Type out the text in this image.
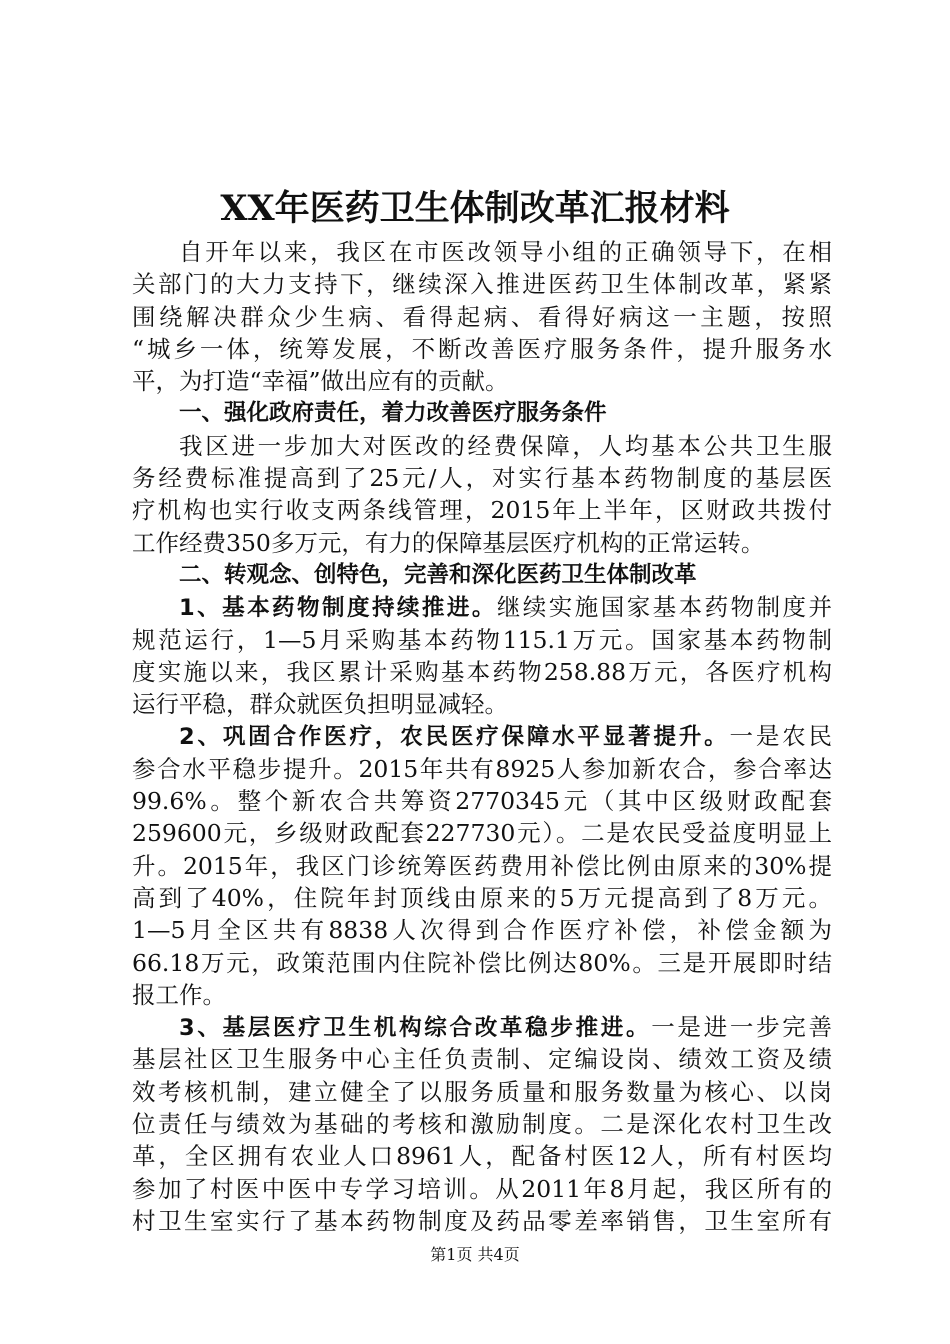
XX年医药卫生体制改革汇报材料
自开年以来，我区在市医改领导小组的正确领导下，在相
关部门的大力支持下，继续深入推进医药卫生体制改革，紧紧
围绕解决群众少生病、看得起病、看得好病这一主题，按照
“城乡一体，统筹发展，不断改善医疗服务条件，提升服务水
平，为打造“幸福”做出应有的贡献。
一、强化政府责任，着力改善医疗服务条件
我区进一步加大对医改的经费保障，人均基本公共卫生服
务经费标准提高到了25元/人，对实行基本药物制度的基层医
疗机构也实行收支两条线管理，2015年上半年，区财政共拨付
工作经费350多万元，有力的保障基层医疗机构的正常运转。
二、转观念、创特色，完善和深化医药卫生体制改革
1、基本药物制度持续推进。继续实施国家基本药物制度并
规范运行，1—5月采购基本药物115.1万元。国家基本药物制
度实施以来，我区累计采购基本药物258.88万元，各医疗机构
运行平稳，群众就医负担明显减轻。
2、巩固合作医疗，农民医疗保障水平显著提升。一是农民
参合水平稳步提升。2015年共有8925人参加新农合，参合率达
99.6%。整个新农合共筹资2770345元（其中区级财政配套
259600元，乡级财政配套227730元）。二是农民受益度明显上
升。2015年，我区门诊统筹医药费用补偿比例由原来的30%提
高到了40%，住院年封顶线由原来的5万元提高到了8万元。
1—5月全区共有8838人次得到合作医疗补偿，补偿金额为
66.18万元，政策范围内住院补偿比例达80%。三是开展即时结
报工作。
3、基层医疗卫生机构综合改革稳步推进。一是进一步完善
基层社区卫生服务中心主任负责制、定编设岗、绩效工资及绩
效考核机制，建立健全了以服务质量和服务数量为核心、以岗
位责任与绩效为基础的考核和激励制度。二是深化农村卫生改
革，全区拥有农业人口8961人，配备村医12人，所有村医均
参加了村医中医中专学习培训。从2011年8月起，我区所有的
村卫生室实行了基本药物制度及药品零差率销售，卫生室所有
第1页 共4页
